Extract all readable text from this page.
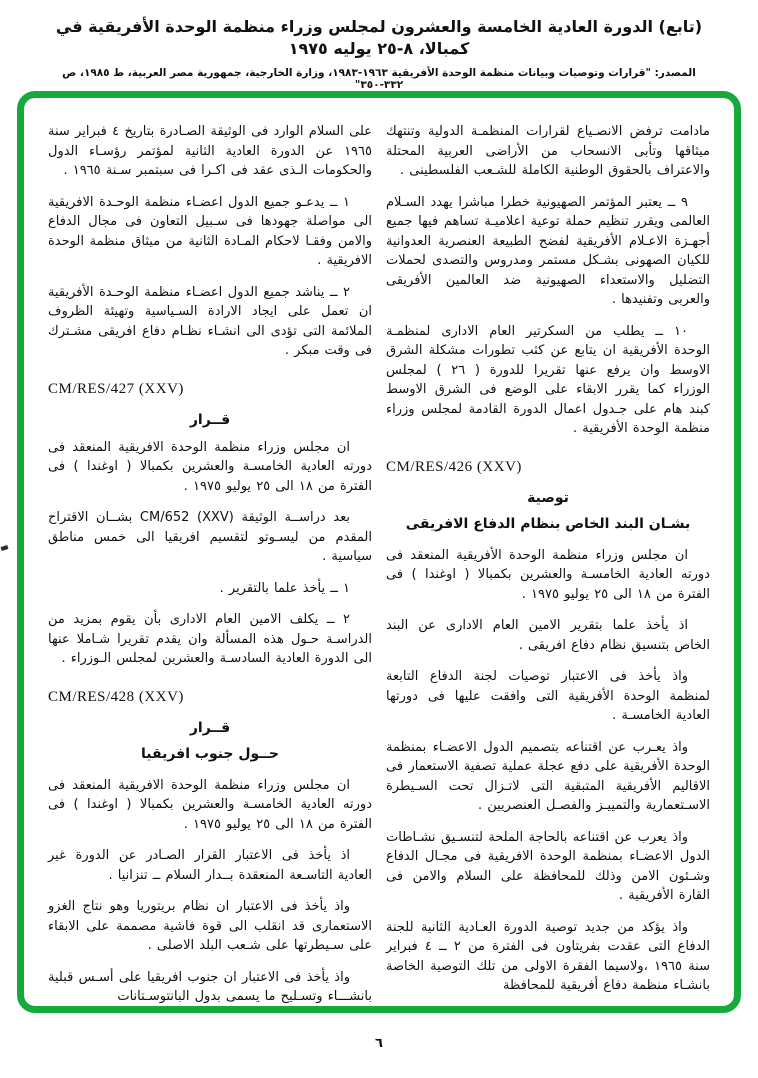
(تابع) الدورة العادية الخامسة والعشرون لمجلس وزراء منظمة الوحدة الأفريقية في كمبالا، ٨-٢٥ يوليه ١٩٧٥
المصدر: "قرارات وتوصيات وبيانات منظمة الوحدة الأفريقية ١٩٦٣-١٩٨٣، وزارة الخارجية، جمهورية مصر العربية، ط ١٩٨٥، ص ٣٣٢-٣٥٠"
مادامت ترفض الانصـياع لقرارات المنظمـة الدولية وتنتهك ميثاقها وتأبى الانسحاب من الأراضى العربية المحتلة والاعتراف بالحقوق الوطنية الكاملة للشـعب الفلسطينى .
٩ ــ يعتبر المؤتمر الصهيونية خطرا مباشرا يهدد السـلام العالمى ويقرر تنظيم حملة توعية اعلاميـة تساهم فيها جميع أجهـزة الاعـلام الأفريقية لفضح الطبيعة العنصرية العدوانية للكيان الصهونى بشـكل مستمر ومدروس والتصدى لحملات التضليل والاستعداء الصهيونية ضد العالمين الأفريقى والعربى وتفنيدها .
١٠ ــ يطلب من السكرتير العام الادارى لمنظمـة الوحدة الأفريقية ان يتابع عن كثب تطورات مشكلة الشرق الاوسط وان يرفع عنها تقريرا للدورة ( ٢٦ ) لمجلس الوزراء كما يقرر الابقاء على الوضع فى الشرق الاوسط كبند هام على جـدول اعمال الدورة القادمة لمجلس وزراء منظمة الوحدة الأفريقية .
CM/RES/426 (XXV)
توصية
بشـان البند الخاص بنظام الدفاع الافريقى
ان مجلس وزراء منظمة الوحدة الأفريقية المنعقد فى دورته العادية الخامسـة والعشرين بكمبالا ( اوغندا ) فى الفترة من ١٨ الى ٢٥ يوليو ١٩٧٥ .
اذ يأخذ علما بتقرير الامين العام الادارى عن البند الخاص بتنسيق نظام دفاع افريقى .
واذ يأخذ فى الاعتبار توصيات لجنة الدفاع التابعة لمنظمة الوحدة الأفريقية التى وافقت عليها فى دورتها العادية الخامسـة .
واذ يعـرب عن اقتناعه بتصميم الدول الاعضـاء بمنظمة الوحدة الأفريقية على دفع عجلة عملية تصفية الاستعمار فى الاقاليم الأفريقية المتبقية التى لاتـزال تحت السـيطرة الاسـتعمارية والتمييـز والفصـل العنصريين .
واذ يعرب عن اقتناعه بالحاجة الملحة لتنسـيق نشـاطات الدول الاعضـاء بمنظمة الوحدة الافريقية فى مجـال الدفاع وشـئون الامن وذلك للمحافظة على السلام والامن فى القارة الأفريقية .
واذ يؤكد من جديد توصية الدورة العـادية الثانية للجنة الدفاع التى عقدت بفريتاون فى الفترة من ٢ ــ ٤ فبراير سنة ١٩٦٥ ،ولاسيما الفقرة الاولى من تلك التوصية الخاصة بانشـاء منظمة دفاع أفريقية للمحافظة
على السلام الوارد فى الوثيقة الصـادرة بتاريخ ٤ فبراير سنة ١٩٦٥ عن الدورة العادية الثانية لمؤتمر رؤسـاء الدول والحكومات الـذى عقد فى اكـرا فى سبتمبر سـنة ١٩٦٥ .
١ ــ يدعـو جميع الدول اعضـاء منظمة الوحـدة الافريقية الى مواصلة جهودها فى سـبيل التعاون فى مجال الدفاع والامن وفقـا لاحكام المـادة الثانية من ميثاق منظمة الوحدة الافريقية .
٢ ــ يناشد جميع الدول اعضـاء منظمة الوحـدة الأفريقية ان تعمل على ايجاد الارادة السـياسية وتهيئة الظروف الملائمة التى تؤدى الى انشـاء نظـام دفاع افريقى مشـترك فى وقت مبكر .
CM/RES/427 (XXV)
قــرار
ان مجلس وزراء منظمة الوحدة الافريقية المنعقد فى دورته العادية الخامسـة والعشرين بكمبالا ( اوغندا ) فى الفترة من ١٨ الى ٢٥ يوليو ١٩٧٥ .
بعد دراســة الوثيقة CM/652 (XXV) بشــان الاقتراح المقدم من ليسـوتو لتقسيم افريقيا الى خمس مناطق سياسية .
١ ــ يأخذ علما بالتقرير .
٢ ــ يكلف الامين العام الادارى بأن يقوم بمزيد من الدراسـة حـول هذه المسألة وان يقدم تقريرا شـاملا عنها الى الدورة العادية السادسـة والعشرين لمجلس الـوزراء .
CM/RES/428 (XXV)
قــرار
حــول جنوب افريقيا
ان مجلس وزراء منظمة الوحدة الافريقية المنعقد فى دورته العادية الخامسـة والعشرين بكمبالا ( اوغندا ) فى الفترة من ١٨ الى ٢٥ يوليو ١٩٧٥ .
اذ يأخذ فى الاعتبار القرار الصـادر عن الدورة غير العادية التاسـعة المنعقدة بــدار السلام ــ تنزانيا .
واذ يأخذ فى الاعتبار ان نظام بريتوريا وهو نتاج الغزو الاستعمارى قد انقلب الى قوة فاشية مصممة على الابقاء على سـيطرتها على شـعب البلد الاصلى .
واذ يأخذ فى الاعتبار ان جنوب افريقيا على أسـس قبلية بانشـــاء وتسـليح ما يسمى بدول البانتوسـتانات
٦
